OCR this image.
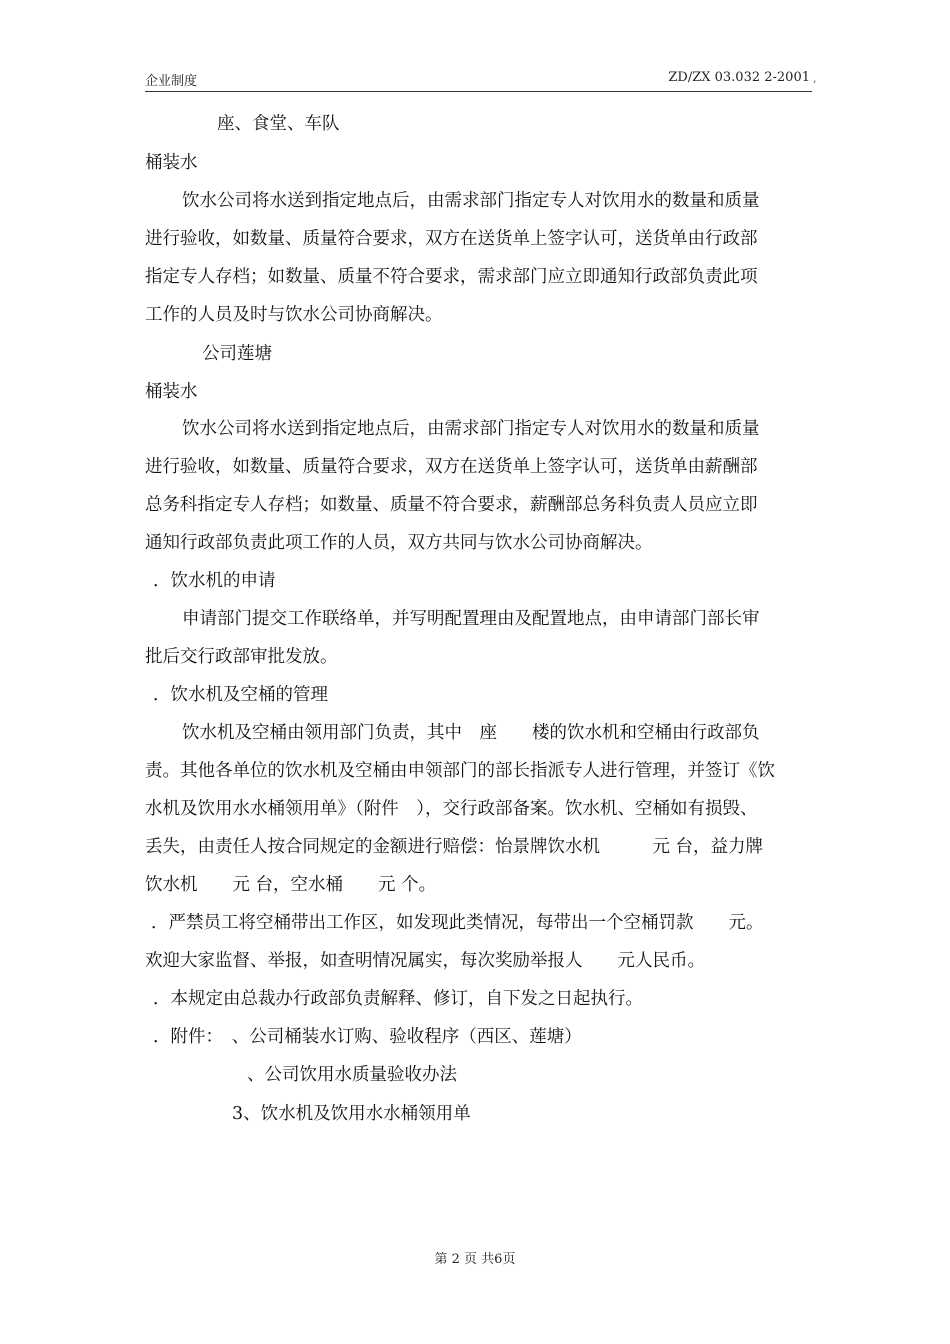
企业制度	ZD/ZX 03.032 2-2001 ,
座、食堂、车队
桶装水
饮水公司将水送到指定地点后，由需求部门指定专人对饮用水的数量和质量
进行验收，如数量、质量符合要求，双方在送货单上签字认可，送货单由行政部
指定专人存档；如数量、质量不符合要求，需求部门应立即通知行政部负责此项
工作的人员及时与饮水公司协商解决。
公司莲塘
桶装水
饮水公司将水送到指定地点后，由需求部门指定专人对饮用水的数量和质量
进行验收，如数量、质量符合要求，双方在送货单上签字认可，送货单由薪酬部
总务科指定专人存档；如数量、质量不符合要求，薪酬部总务科负责人员应立即
通知行政部负责此项工作的人员，双方共同与饮水公司协商解决。
．饮水机的申请
申请部门提交工作联络单，并写明配置理由及配置地点，由申请部门部长审
批后交行政部审批发放。
．饮水机及空桶的管理
饮水机及空桶由领用部门负责，其中　座　　楼的饮水机和空桶由行政部负
责。其他各单位的饮水机及空桶由申领部门的部长指派专人进行管理，并签订《饮
水机及饮用水水桶领用单》（附件　），交行政部备案。饮水机、空桶如有损毁、
丢失，由责任人按合同规定的金额进行赔偿：怡景牌饮水机　　　元 台，益力牌
饮水机　　元 台，空水桶　　元 个。
．严禁员工将空桶带出工作区，如发现此类情况，每带出一个空桶罚款　　元。
欢迎大家监督、举报，如查明情况属实，每次奖励举报人　　元人民币。
．本规定由总裁办行政部负责解释、修订，自下发之日起执行。
．附件：　、公司桶装水订购、验收程序（西区、莲塘）
、公司饮用水质量验收办法
3、饮水机及饮用水水桶领用单
第 2 页 共6页
